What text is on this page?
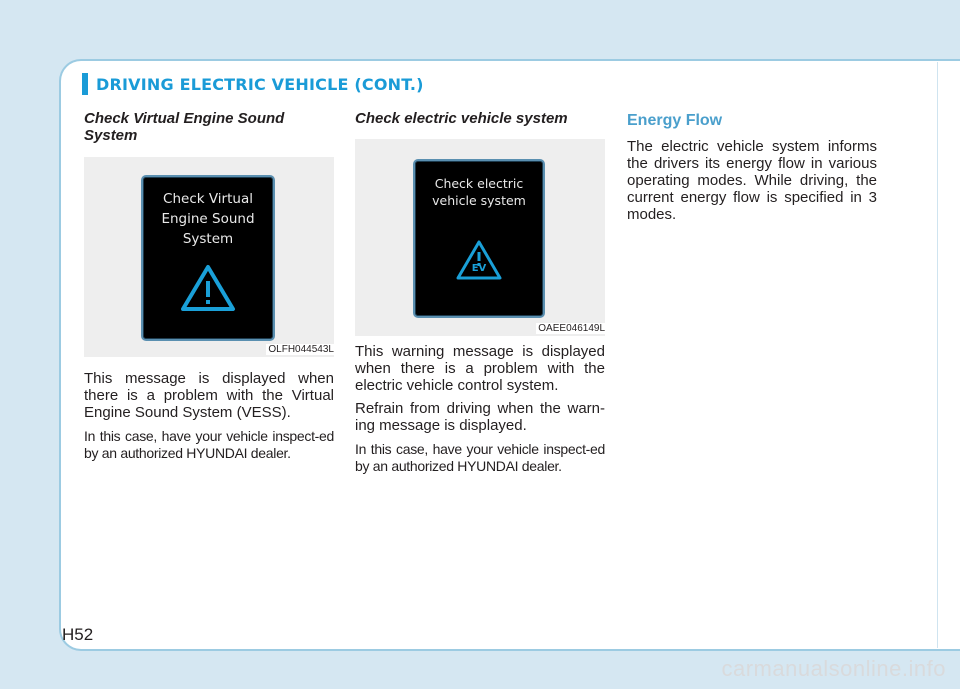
DRIVING ELECTRIC VEHICLE (CONT.)
Check Virtual Engine Sound System
Check Virtual Engine Sound System
OLFH044543L

This message is displayed when there is a problem with the Virtual Engine Sound System (VESS).

In this case, have your vehicle inspect-ed by an authorized HYUNDAI dealer.

Check electric vehicle system
Check electric vehicle system
EV
OAEE046149L

This warning message is displayed when there is a problem with the electric vehicle control system.

Refrain from driving when the warn-ing message is displayed.

In this case, have your vehicle inspect-ed by an authorized HYUNDAI dealer.

Energy Flow

The electric vehicle system informs the drivers its energy flow in various operating modes. While driving, the current energy flow is specified in 3 modes.

H52
carmanualsonline.info
